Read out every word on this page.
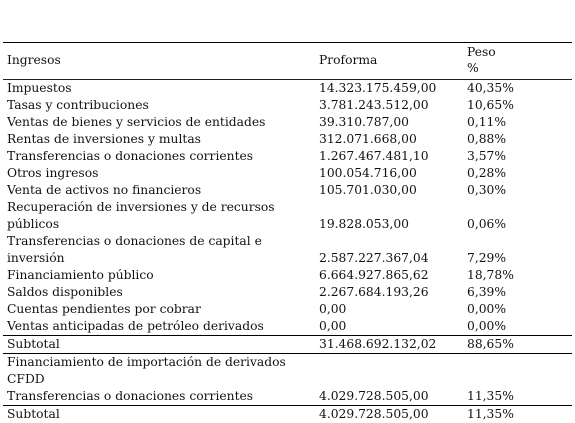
Ingresos	Proforma
Peso
%
Impuestos	14.323.175.459,00 40,35%
Tasas y contribuciones	3.781.243.512,00	10,65%
Ventas de bienes y servicios de entidades	39.310.787,00	0,11%
Rentas de inversiones y multas	312.071.668,00	0,88%
Transferencias o donaciones corrientes	1.267.467.481,10	3,57%
Otros ingresos	100.054.716,00	0,28%
Venta de activos no financieros	105.701.030,00	0,30%
Recuperación de inversiones y de recursos públicos	19.828.053,00	0,06%
Transferencias o donaciones de capital e inversión	2.587.227.367,04	7,29%
Financiamiento público	6.664.927.865,62	18,78%
Saldos disponibles	2.267.684.193,26	6,39%
Cuentas pendientes por cobrar	0,00	0,00%
Ventas anticipadas de petróleo derivados	0,00	0,00%
Subtotal	31.468.692.132,02 88,65%
Financiamiento de importación de derivados CFDD
Transferencias o donaciones corrientes	4.029.728.505,00	11,35%
Subtotal	4.029.728.505,00	11,35%
